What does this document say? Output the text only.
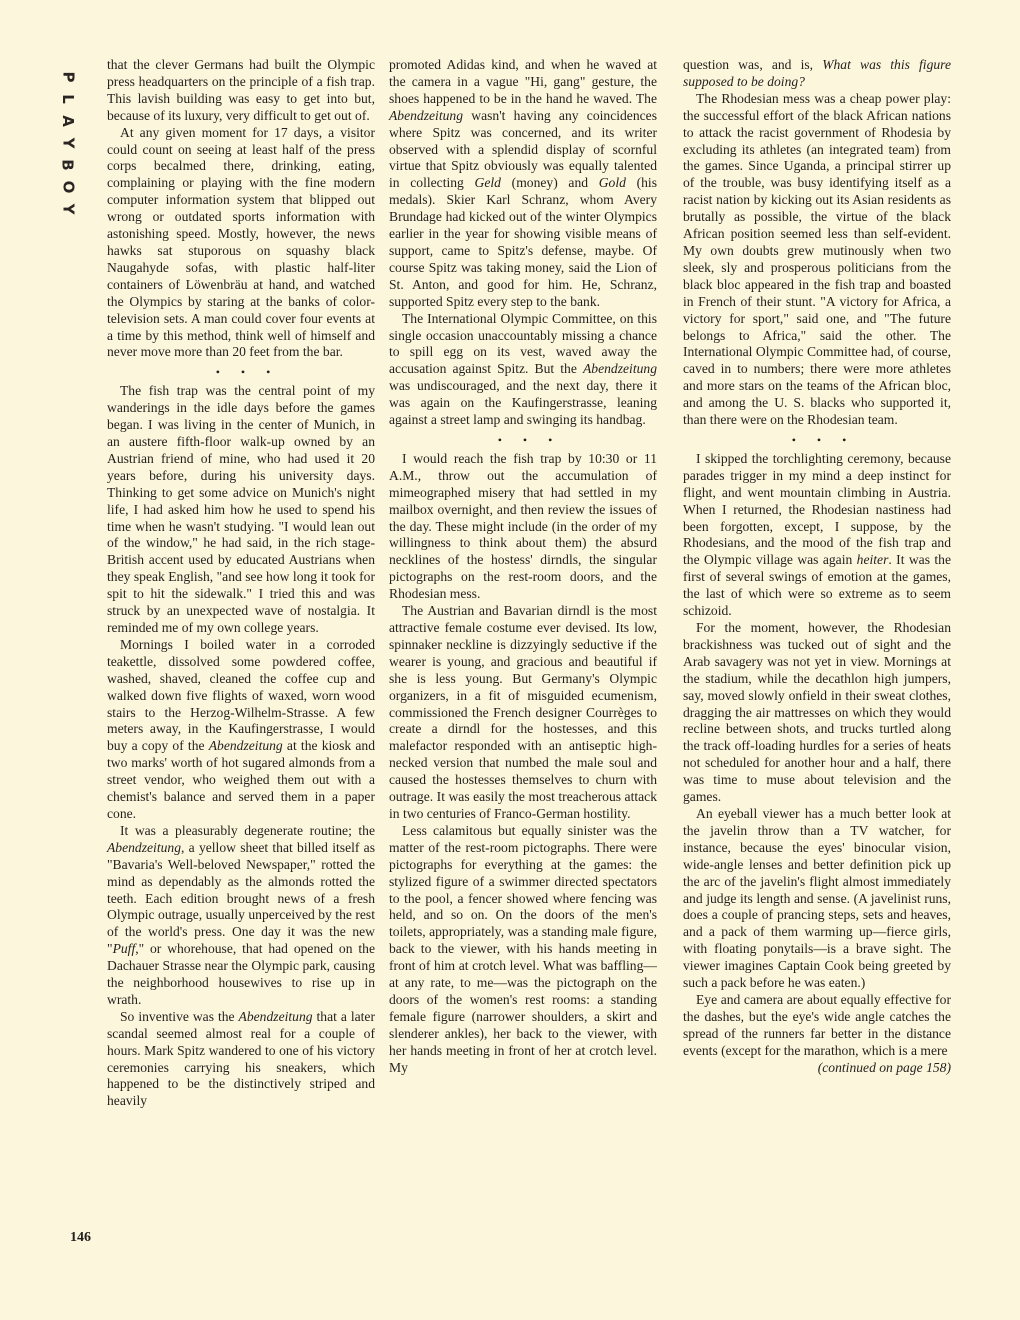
P
L
A
Y
B
O
Y

that the clever Germans had built the Olympic press headquarters on the principle of a fish trap. This lavish building was easy to get into but, because of its luxury, very difficult to get out of.

At any given moment for 17 days, a visitor could count on seeing at least half of the press corps becalmed there, drinking, eating, complaining or playing with the fine modern computer information system that blipped out wrong or outdated sports information with astonishing speed. Mostly, however, the news hawks sat stuporous on squashy black Naugahyde sofas, with plastic half-liter containers of Löwenbräu at hand, and watched the Olympics by staring at the banks of color-television sets. A man could cover four events at a time by this method, think well of himself and never move more than 20 feet from the bar.

• • •

The fish trap was the central point of my wanderings in the idle days before the games began. I was living in the center of Munich, in an austere fifth-floor walk-up owned by an Austrian friend of mine, who had used it 20 years before, during his university days. Thinking to get some advice on Munich's night life, I had asked him how he used to spend his time when he wasn't studying. "I would lean out of the window," he had said, in the rich stage-British accent used by educated Austrians when they speak English, "and see how long it took for spit to hit the sidewalk." I tried this and was struck by an unexpected wave of nostalgia. It reminded me of my own college years.

Mornings I boiled water in a corroded teakettle, dissolved some powdered coffee, washed, shaved, cleaned the coffee cup and walked down five flights of waxed, worn wood stairs to the Herzog-Wilhelm-Strasse. A few meters away, in the Kaufingerstrasse, I would buy a copy of the Abendzeitung at the kiosk and two marks' worth of hot sugared almonds from a street vendor, who weighed them out with a chemist's balance and served them in a paper cone.

It was a pleasurably degenerate routine; the Abendzeitung, a yellow sheet that billed itself as "Bavaria's Well-beloved Newspaper," rotted the mind as dependably as the almonds rotted the teeth. Each edition brought news of a fresh Olympic outrage, usually unperceived by the rest of the world's press. One day it was the new "Puff," or whorehouse, that had opened on the Dachauer Strasse near the Olympic park, causing the neighborhood housewives to rise up in wrath.

So inventive was the Abendzeitung that a later scandal seemed almost real for a couple of hours. Mark Spitz wandered to one of his victory ceremonies carrying his sneakers, which happened to be the distinctively striped and heavily

promoted Adidas kind, and when he waved at the camera in a vague "Hi, gang" gesture, the shoes happened to be in the hand he waved. The Abendzeitung wasn't having any coincidences where Spitz was concerned, and its writer observed with a splendid display of scornful virtue that Spitz obviously was equally talented in collecting Geld (money) and Gold (his medals). Skier Karl Schranz, whom Avery Brundage had kicked out of the winter Olympics earlier in the year for showing visible means of support, came to Spitz's defense, maybe. Of course Spitz was taking money, said the Lion of St. Anton, and good for him. He, Schranz, supported Spitz every step to the bank.

The International Olympic Committee, on this single occasion unaccountably missing a chance to spill egg on its vest, waved away the accusation against Spitz. But the Abendzeitung was undiscouraged, and the next day, there it was again on the Kaufingerstrasse, leaning against a street lamp and swinging its handbag.

• • •

I would reach the fish trap by 10:30 or 11 A.M., throw out the accumulation of mimeographed misery that had settled in my mailbox overnight, and then review the issues of the day. These might include (in the order of my willingness to think about them) the absurd necklines of the hostess' dirndls, the singular pictographs on the rest-room doors, and the Rhodesian mess.

The Austrian and Bavarian dirndl is the most attractive female costume ever devised. Its low, spinnaker neckline is dizzyingly seductive if the wearer is young, and gracious and beautiful if she is less young. But Germany's Olympic organizers, in a fit of misguided ecumenism, commissioned the French designer Courrèges to create a dirndl for the hostesses, and this malefactor responded with an antiseptic high-necked version that numbed the male soul and caused the hostesses themselves to churn with outrage. It was easily the most treacherous attack in two centuries of Franco-German hostility.

Less calamitous but equally sinister was the matter of the rest-room pictographs. There were pictographs for everything at the games: the stylized figure of a swimmer directed spectators to the pool, a fencer showed where fencing was held, and so on. On the doors of the men's toilets, appropriately, was a standing male figure, back to the viewer, with his hands meeting in front of him at crotch level. What was baffling—at any rate, to me—was the pictograph on the doors of the women's rest rooms: a standing female figure (narrower shoulders, a skirt and slenderer ankles), her back to the viewer, with her hands meeting in front of her at crotch level. My

question was, and is, What was this figure supposed to be doing?

The Rhodesian mess was a cheap power play: the successful effort of the black African nations to attack the racist government of Rhodesia by excluding its athletes (an integrated team) from the games. Since Uganda, a principal stirrer up of the trouble, was busy identifying itself as a racist nation by kicking out its Asian residents as brutally as possible, the virtue of the black African position seemed less than self-evident. My own doubts grew mutinously when two sleek, sly and prosperous politicians from the black bloc appeared in the fish trap and boasted in French of their stunt. "A victory for Africa, a victory for sport," said one, and "The future belongs to Africa," said the other. The International Olympic Committee had, of course, caved in to numbers; there were more athletes and more stars on the teams of the African bloc, and among the U. S. blacks who supported it, than there were on the Rhodesian team.

• • •

I skipped the torchlighting ceremony, because parades trigger in my mind a deep instinct for flight, and went mountain climbing in Austria. When I returned, the Rhodesian nastiness had been forgotten, except, I suppose, by the Rhodesians, and the mood of the fish trap and the Olympic village was again heiter. It was the first of several swings of emotion at the games, the last of which were so extreme as to seem schizoid.

For the moment, however, the Rhodesian brackishness was tucked out of sight and the Arab savagery was not yet in view. Mornings at the stadium, while the decathlon high jumpers, say, moved slowly onfield in their sweat clothes, dragging the air mattresses on which they would recline between shots, and trucks turtled along the track off-loading hurdles for a series of heats not scheduled for another hour and a half, there was time to muse about television and the games.

An eyeball viewer has a much better look at the javelin throw than a TV watcher, for instance, because the eyes' binocular vision, wide-angle lenses and better definition pick up the arc of the javelin's flight almost immediately and judge its length and sense. (A javelinist runs, does a couple of prancing steps, sets and heaves, and a pack of them warming up—fierce girls, with floating ponytails—is a brave sight. The viewer imagines Captain Cook being greeted by such a pack before he was eaten.)

Eye and camera are about equally effective for the dashes, but the eye's wide angle catches the spread of the runners far better in the distance events (except for the marathon, which is a mere

(continued on page 158)

146
